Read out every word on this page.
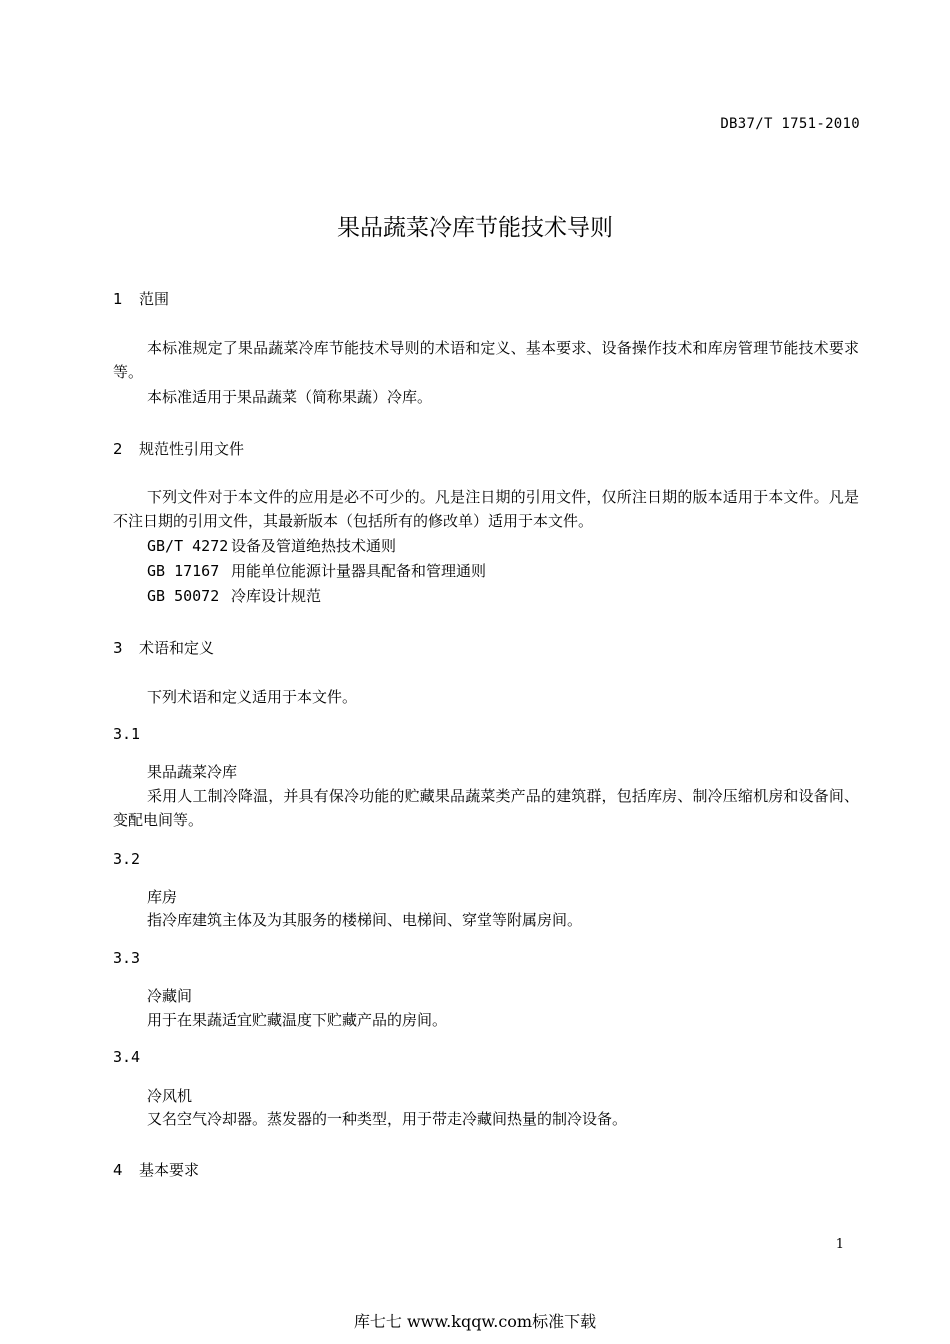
DB37/T 1751-2010
果品蔬菜冷库节能技术导则
1 范围
本标准规定了果品蔬菜冷库节能技术导则的术语和定义、基本要求、设备操作技术和库房管理节能技术要求等。
本标准适用于果品蔬菜（简称果蔬）冷库。
2 规范性引用文件
下列文件对于本文件的应用是必不可少的。凡是注日期的引用文件，仅所注日期的版本适用于本文件。凡是不注日期的引用文件，其最新版本（包括所有的修改单）适用于本文件。
GB/T 4272 设备及管道绝热技术通则
GB 17167 用能单位能源计量器具配备和管理通则
GB 50072 冷库设计规范
3 术语和定义
下列术语和定义适用于本文件。
3.1
果品蔬菜冷库
采用人工制冷降温，并具有保冷功能的贮藏果品蔬菜类产品的建筑群，包括库房、制冷压缩机房和设备间、变配电间等。
3.2
库房
指冷库建筑主体及为其服务的楼梯间、电梯间、穿堂等附属房间。
3.3
冷藏间
用于在果蔬适宜贮藏温度下贮藏产品的房间。
3.4
冷风机
又名空气冷却器。蒸发器的一种类型，用于带走冷藏间热量的制冷设备。
4 基本要求
1
库七七 www.kqqw.com标准下载
